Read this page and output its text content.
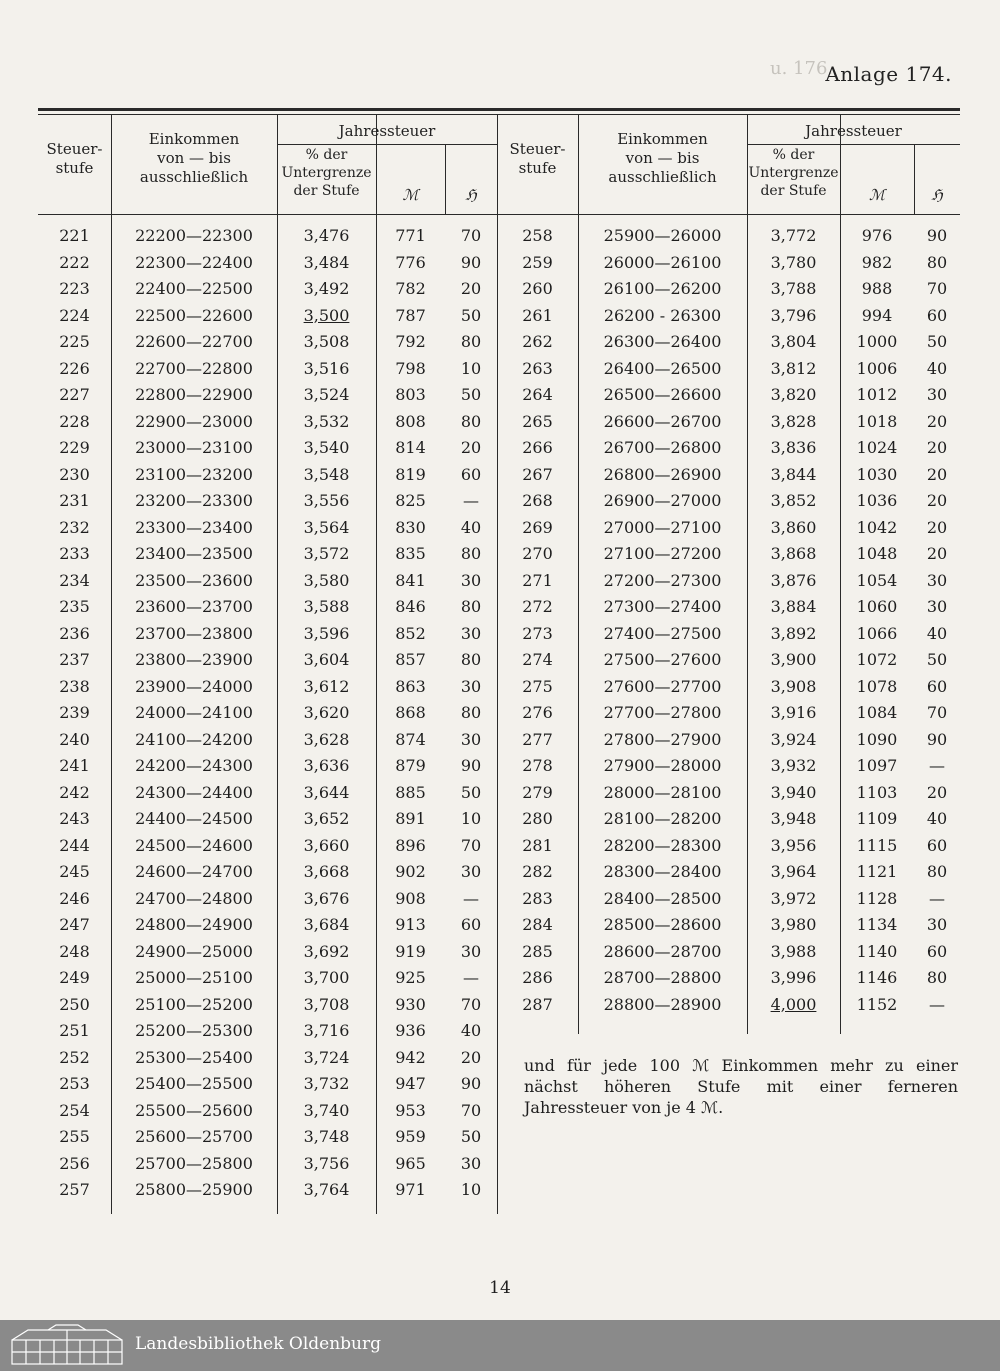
u. 176.
Anlage 174.
Steuer-
stufe
Einkommen
von — bis
ausschließlich
Jahressteuer
% der
Untergrenze
der Stufe	ℳ	ℌ
Steuer-
stufe
Einkommen
von — bis
ausschließlich
Jahressteuer
% der
Untergrenze
der Stufe	ℳ	ℌ
221	22200—22300	3,476	771	70
222	22300—22400	3,484	776	90
223	22400—22500	3,492	782	20
224	22500—22600	3,500	787	50
225	22600—22700	3,508	792	80
226	22700—22800	3,516	798	10
227	22800—22900	3,524	803	50
228	22900—23000	3,532	808	80
229	23000—23100	3,540	814	20
230	23100—23200	3,548	819	60
231	23200—23300	3,556	825	—
232	23300—23400	3,564	830	40
233	23400—23500	3,572	835	80
234	23500—23600	3,580	841	30
235	23600—23700	3,588	846	80
236	23700—23800	3,596	852	30
237	23800—23900	3,604	857	80
238	23900—24000	3,612	863	30
239	24000—24100	3,620	868	80
240	24100—24200	3,628	874	30
241	24200—24300	3,636	879	90
242	24300—24400	3,644	885	50
243	24400—24500	3,652	891	10
244	24500—24600	3,660	896	70
245	24600—24700	3,668	902	30
246	24700—24800	3,676	908	—
247	24800—24900	3,684	913	60
248	24900—25000	3,692	919	30
249	25000—25100	3,700	925	—
250	25100—25200	3,708	930	70
251	25200—25300	3,716	936	40
252	25300—25400	3,724	942	20
253	25400—25500	3,732	947	90
254	25500—25600	3,740	953	70
255	25600—25700	3,748	959	50
256	25700—25800	3,756	965	30
257	25800—25900	3,764	971	10
258	25900—26000	3,772	976	90
259	26000—26100	3,780	982	80
260	26100—26200	3,788	988	70
261	26200 - 26300	3,796	994	60
262	26300—26400	3,804	1000	50
263	26400—26500	3,812	1006	40
264	26500—26600	3,820	1012	30
265	26600—26700	3,828	1018	20
266	26700—26800	3,836	1024	20
267	26800—26900	3,844	1030	20
268	26900—27000	3,852	1036	20
269	27000—27100	3,860	1042	20
270	27100—27200	3,868	1048	20
271	27200—27300	3,876	1054	30
272	27300—27400	3,884	1060	30
273	27400—27500	3,892	1066	40
274	27500—27600	3,900	1072	50
275	27600—27700	3,908	1078	60
276	27700—27800	3,916	1084	70
277	27800—27900	3,924	1090	90
278	27900—28000	3,932	1097	—
279	28000—28100	3,940	1103	20
280	28100—28200	3,948	1109	40
281	28200—28300	3,956	1115	60
282	28300—28400	3,964	1121	80
283	28400—28500	3,972	1128	—
284	28500—28600	3,980	1134	30
285	28600—28700	3,988	1140	60
286	28700—28800	3,996	1146	80
287	28800—28900	4,000	1152	—
und für jede 100 ℳ Einkommen mehr zu einer nächst höheren Stufe mit einer ferneren Jahressteuer von je 4 ℳ.
14
Landesbibliothek Oldenburg
